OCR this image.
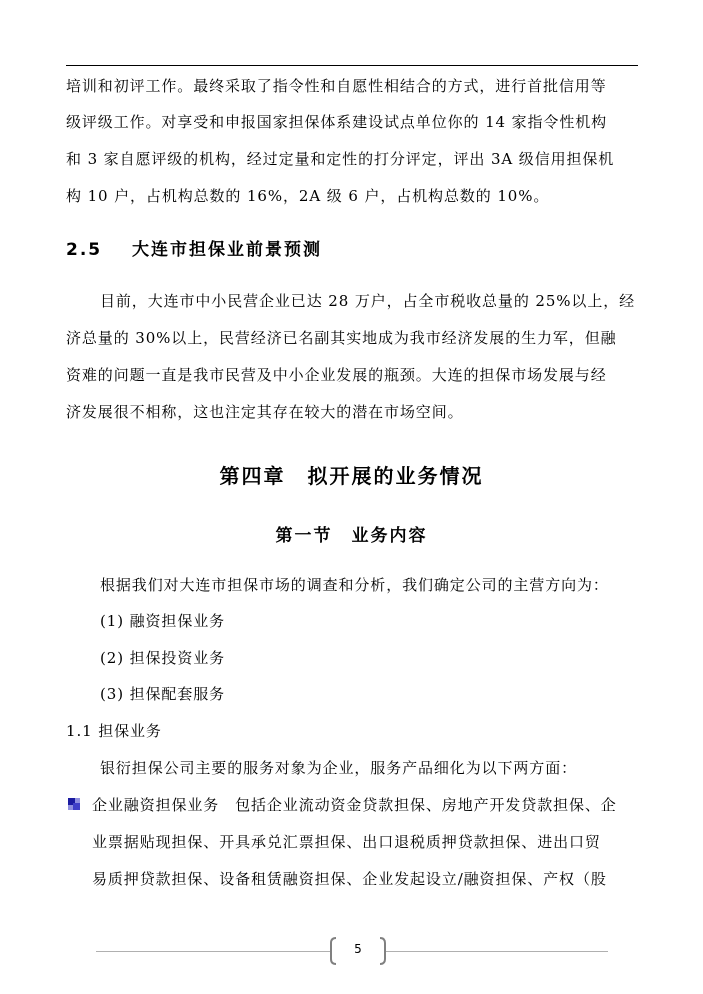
培训和初评工作。最终采取了指令性和自愿性相结合的方式，进行首批信用等
级评级工作。对享受和申报国家担保体系建设试点单位你的 14 家指令性机构
和 3 家自愿评级的机构，经过定量和定性的打分评定，评出 3A 级信用担保机
构 10 户，占机构总数的 16%，2A 级 6 户，占机构总数的 10%。
2.5 大连市担保业前景预测
目前，大连市中小民营企业已达 28 万户，占全市税收总量的 25%以上，经
济总量的 30%以上，民营经济已名副其实地成为我市经济发展的生力军，但融
资难的问题一直是我市民营及中小企业发展的瓶颈。大连的担保市场发展与经
济发展很不相称，这也注定其存在较大的潜在市场空间。
第四章　拟开展的业务情况
第一节　业务内容
根据我们对大连市担保市场的调查和分析，我们确定公司的主营方向为：
(1) 融资担保业务
(2) 担保投资业务
(3) 担保配套服务
1.1 担保业务
银衍担保公司主要的服务对象为企业，服务产品细化为以下两方面：
企业融资担保业务　包括企业流动资金贷款担保、房地产开发贷款担保、企
业票据贴现担保、开具承兑汇票担保、出口退税质押贷款担保、进出口贸
易质押贷款担保、设备租赁融资担保、企业发起设立/融资担保、产权（股
5
